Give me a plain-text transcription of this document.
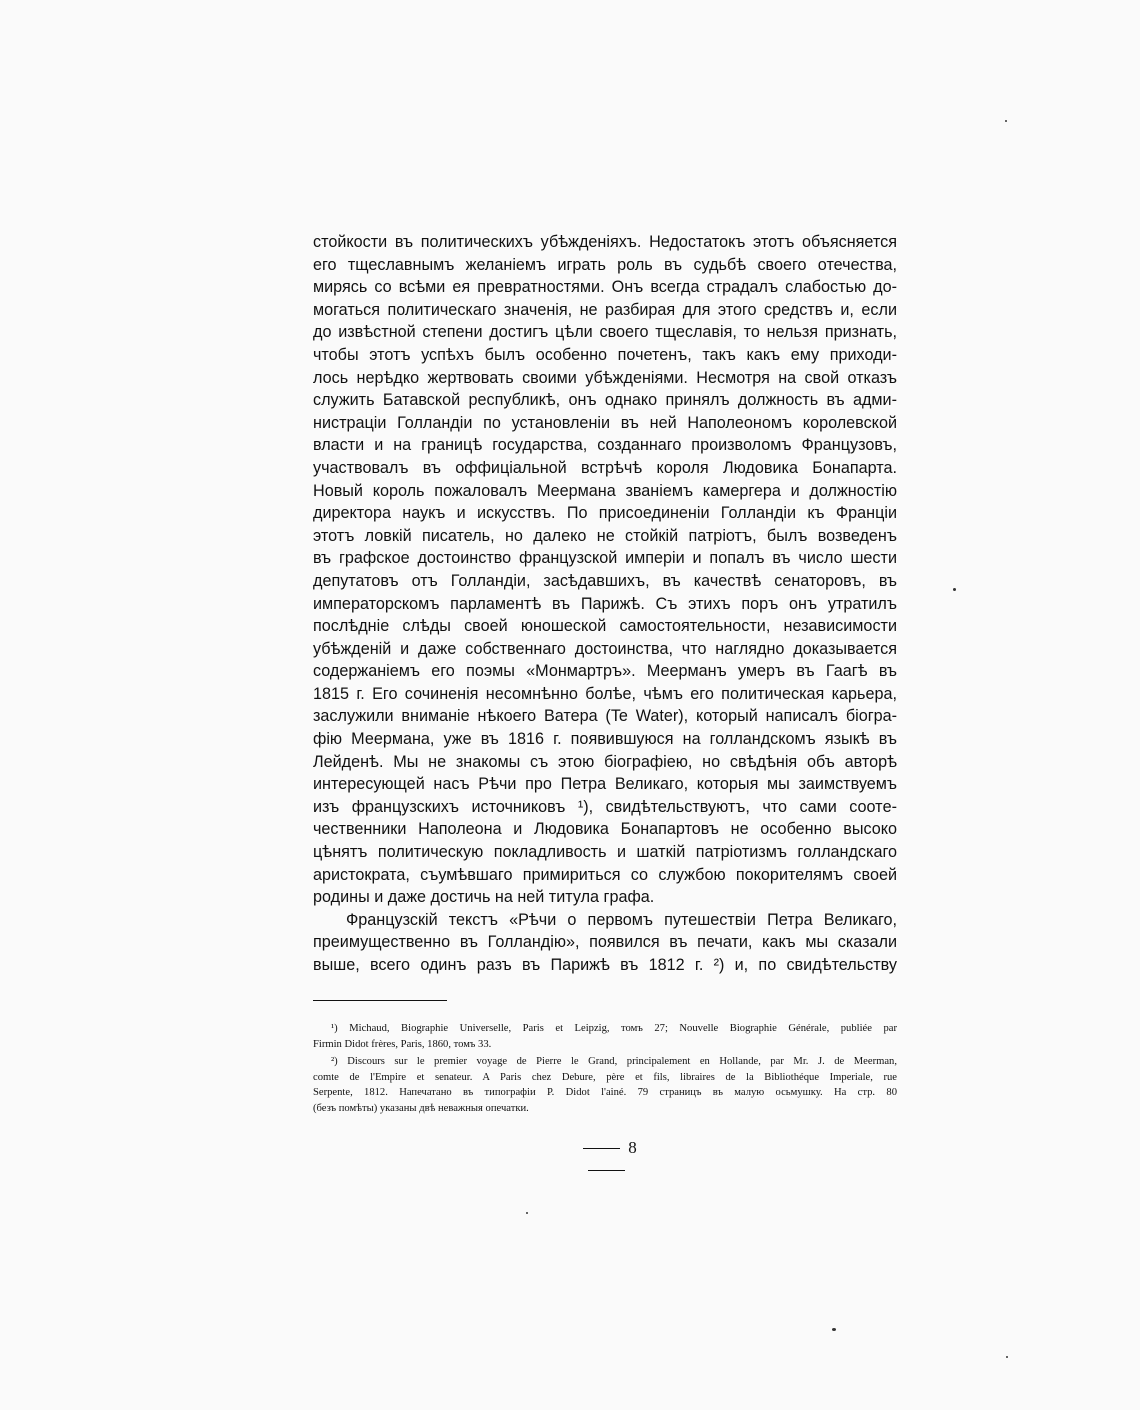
стойкости въ политическихъ убѣжденiяхъ. Недостатокъ этотъ объясняется
его тщеславнымъ желанiемъ играть роль въ судьбѣ своего отечества,
мирясь со всѣми ея превратностями. Онъ всегда страдалъ слабостью до-
могаться политическаго значенiя, не разбирая для этого средствъ и, если
до извѣстной степени достигъ цѣли своего тщеславiя, то нельзя признать,
чтобы этотъ успѣхъ былъ особенно почетенъ, такъ какъ ему приходи-
лось нерѣдко жертвовать своими убѣжденiями. Несмотря на свой отказъ
служить Батавской республикѣ, онъ однако принялъ должность въ адми-
нистрацiи Голландiи по установленiи въ ней Наполеономъ королевской
власти и на границѣ государства, созданнаго произволомъ Французовъ,
участвовалъ въ оффицiальной встрѣчѣ короля Людовика Бонапарта.
Новый король пожаловалъ Меермана званiемъ камергера и должностiю
директора наукъ и искусствъ. По присоединенiи Голландiи къ Францiи
этотъ ловкiй писатель, но далеко не стойкiй патрiотъ, былъ возведенъ
въ графское достоинство французской имперiи и попалъ въ число шести
депутатовъ отъ Голландiи, засѣдавшихъ, въ качествѣ сенаторовъ, въ
императорскомъ парламентѣ въ Парижѣ. Съ этихъ поръ онъ утратилъ
послѣднiе слѣды своей юношеской самостоятельности, независимости
убѣжденiй и даже собственнаго достоинства, что наглядно доказывается
содержанiемъ его поэмы «Монмартръ». Меерманъ умеръ въ Гаагѣ въ
1815 г. Его сочиненiя несомнѣнно болѣе, чѣмъ его политическая карьера,
заслужили вниманiе нѣкоего Ватера (Te Water), который написалъ бiогра-
фiю Меермана, уже въ 1816 г. появившуюся на голландскомъ языкѣ въ
Лейденѣ. Мы не знакомы съ этою бiографiею, но свѣдѣнiя объ авторѣ
интересующей насъ Рѣчи про Петра Великаго, которыя мы заимствуемъ
изъ французскихъ источниковъ ¹), свидѣтельствуютъ, что сами соотe-
чественники Наполеона и Людовика Бонапартовъ не особенно высоко
цѣнятъ политическую покладливость и шаткiй патрiотизмъ голландскаго
аристократа, съумѣвшаго примириться со службою покорителямъ своей
родины и даже достичь на ней титула графа.
Французскiй текстъ «Рѣчи о первомъ путешествiи Петра Великаго,
преимущественно въ Голландiю», появился въ печати, какъ мы сказали
выше, всего одинъ разъ въ Парижѣ въ 1812 г. ²) и, по свидѣтельству
¹) Michaud, Biographie Universelle, Paris et Leipzig, томъ 27; Nouvelle Biographie Générale, publiée par
Firmin Didot frères, Paris, 1860, томъ 33.
²) Discours sur le premier voyage de Pierre le Grand, principalement en Hollande, par Mr. J. de Meerman,
comte de l'Empire et senateur. A Paris chez Debure, père et fils, libraires de la Bibliothéque Imperiale, rue
Serpente, 1812. Напечатано въ типографiи P. Didot l'ainé. 79 страницъ въ малую осьмушку. На стр. 80
(безъ помѣты) указаны двѣ неважныя опечатки.
8
